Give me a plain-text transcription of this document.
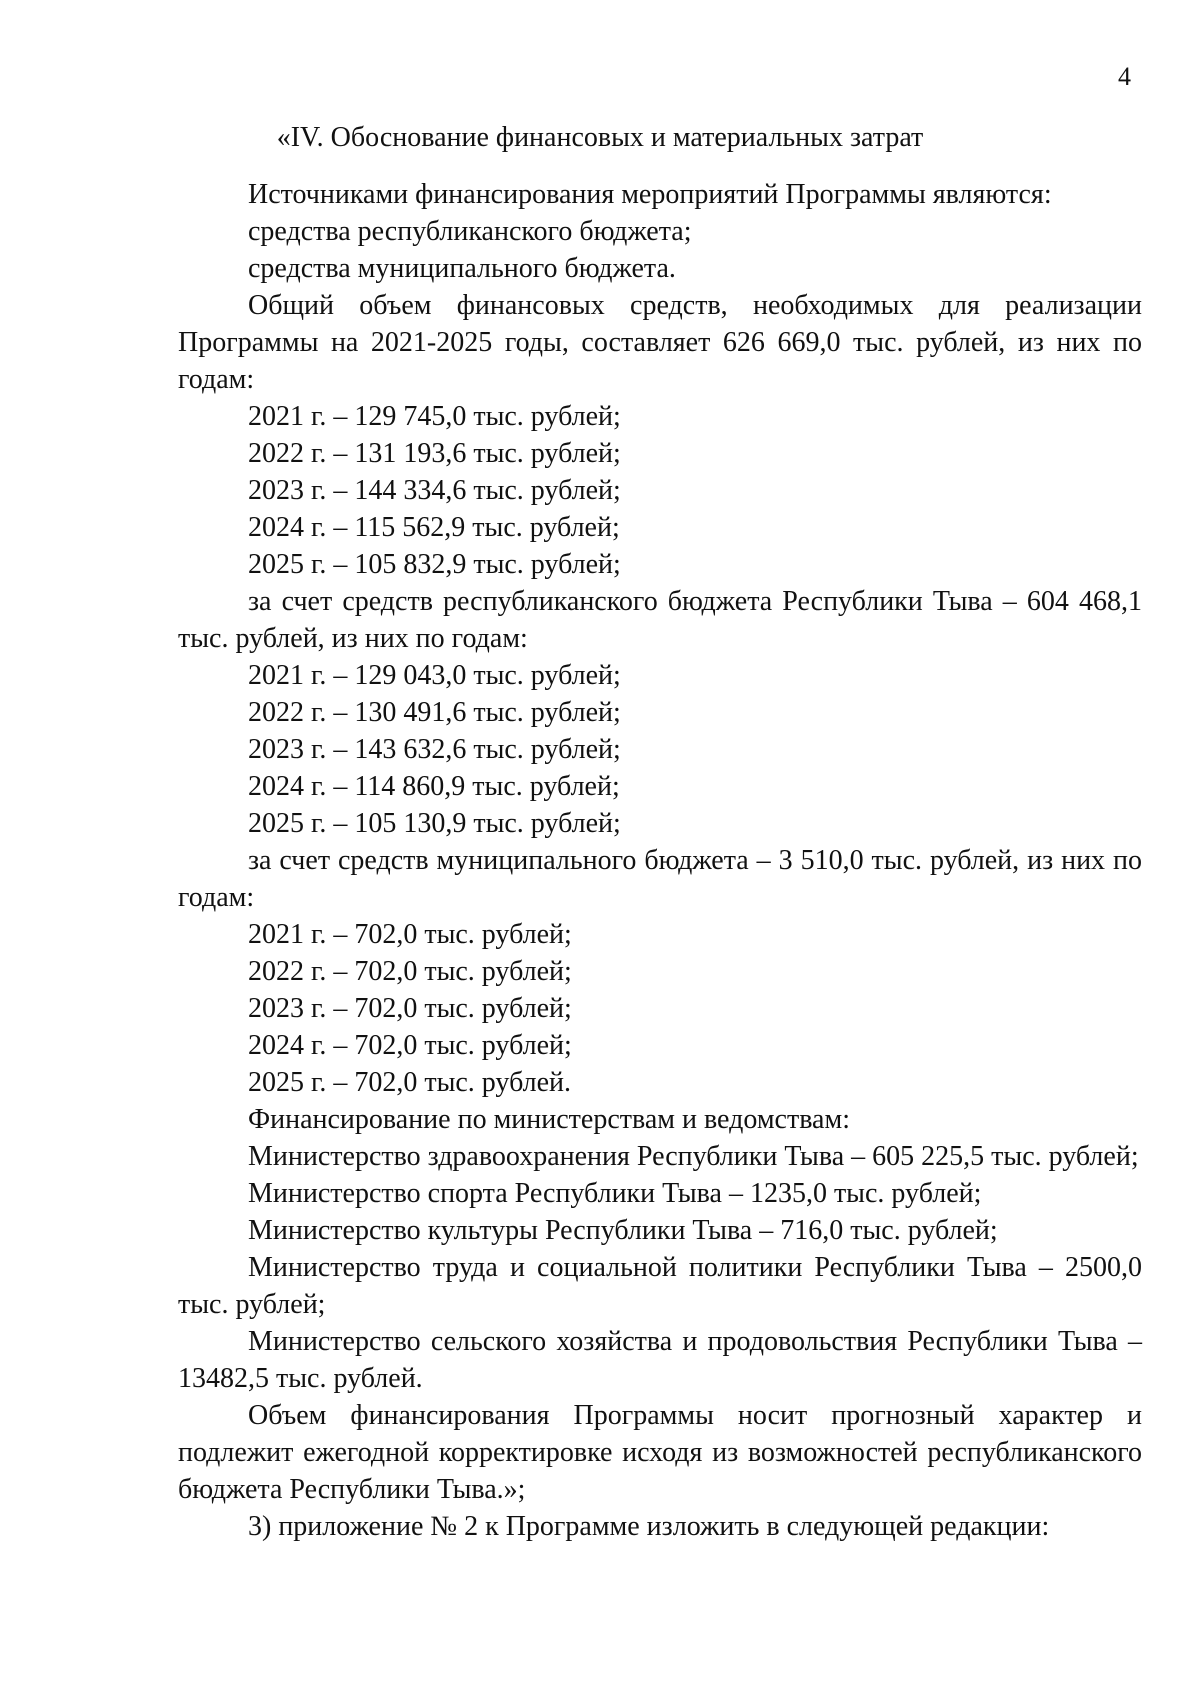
4
«IV. Обоснование финансовых и материальных затрат

Источниками финансирования мероприятий Программы являются:

средства республиканского бюджета;

средства муниципального бюджета.

Общий объем финансовых средств, необходимых для реализации Программы на 2021-2025 годы, составляет 626 669,0 тыс. рублей, из них по годам:

2021 г. – 129 745,0 тыс. рублей;

2022 г. – 131 193,6 тыс. рублей;

2023 г. – 144 334,6 тыс. рублей;

2024 г. – 115 562,9 тыс. рублей;

2025 г. – 105 832,9 тыс. рублей;

за счет средств республиканского бюджета Республики Тыва – 604 468,1 тыс. рублей, из них по годам:

2021 г. – 129 043,0 тыс. рублей;

2022 г. – 130 491,6 тыс. рублей;

2023 г. – 143 632,6 тыс. рублей;

2024 г. – 114 860,9 тыс. рублей;

2025 г. – 105 130,9 тыс. рублей;

за счет средств муниципального бюджета – 3 510,0 тыс. рублей, из них по годам:

2021 г. – 702,0 тыс. рублей;

2022 г. – 702,0 тыс. рублей;

2023 г. – 702,0 тыс. рублей;

2024 г. – 702,0 тыс. рублей;

2025 г. – 702,0 тыс. рублей.

Финансирование по министерствам и ведомствам:

Министерство здравоохранения Республики Тыва – 605 225,5 тыс. рублей;

Министерство спорта Республики Тыва – 1235,0 тыс. рублей;

Министерство культуры Республики Тыва – 716,0 тыс. рублей;

Министерство труда и социальной политики Республики Тыва – 2500,0 тыс. рублей;

Министерство сельского хозяйства и продовольствия Республики Тыва – 13482,5 тыс. рублей.

Объем финансирования Программы носит прогнозный характер и подлежит ежегодной корректировке исходя из возможностей республиканского бюджета Республики Тыва.»;

3) приложение № 2 к Программе изложить в следующей редакции:
